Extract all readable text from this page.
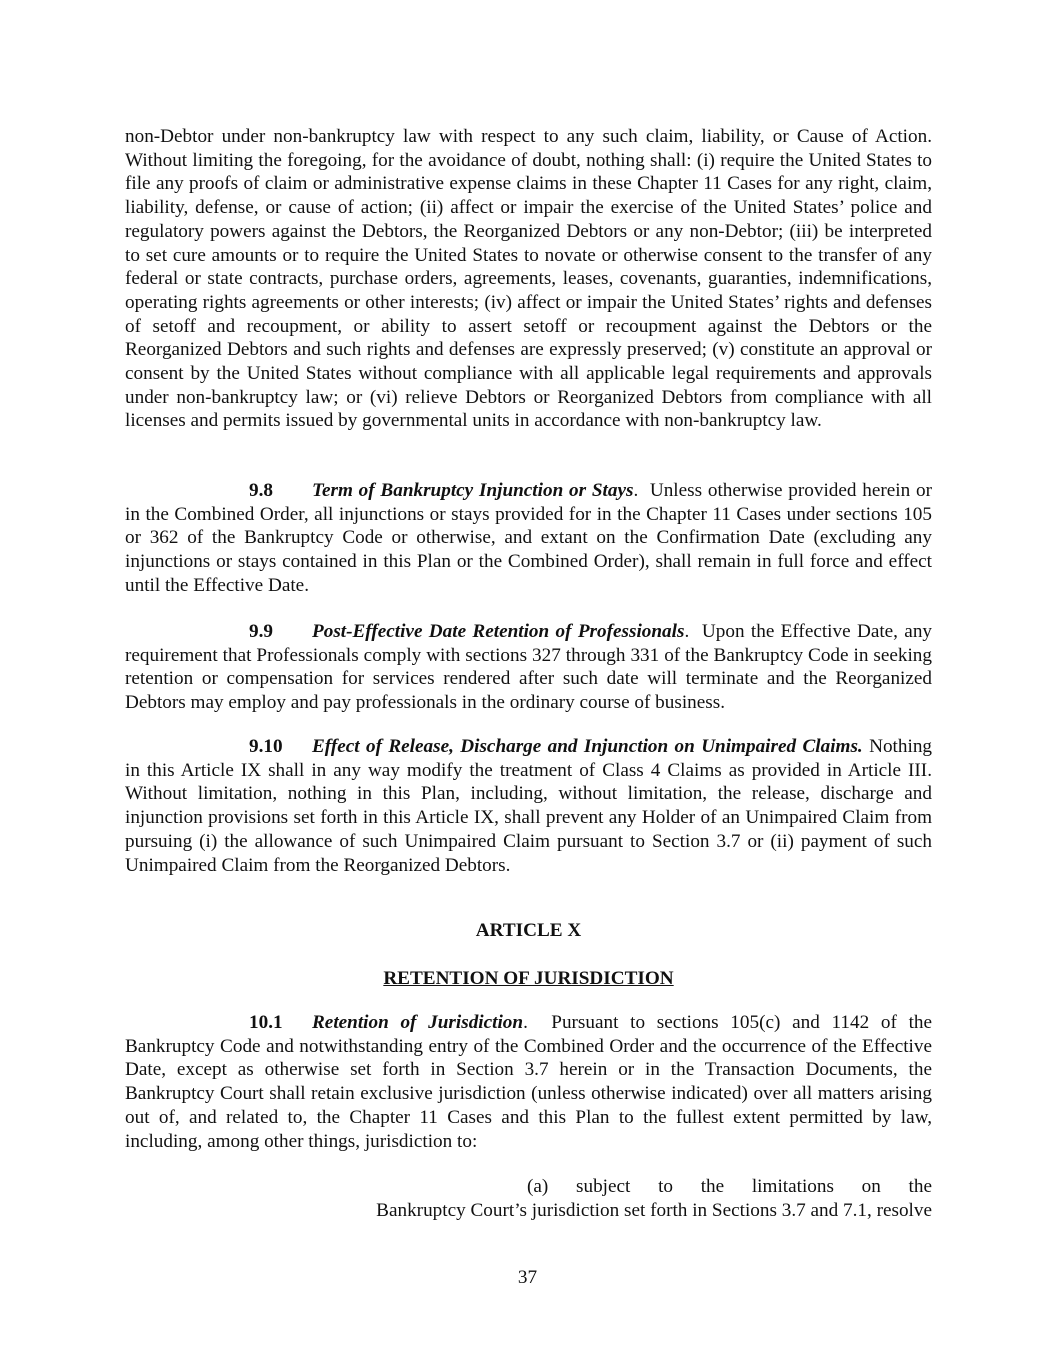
non-Debtor under non-bankruptcy law with respect to any such claim, liability, or Cause of Action. Without limiting the foregoing, for the avoidance of doubt, nothing shall: (i) require the United States to file any proofs of claim or administrative expense claims in these Chapter 11 Cases for any right, claim, liability, defense, or cause of action; (ii) affect or impair the exercise of the United States’ police and regulatory powers against the Debtors, the Reorganized Debtors or any non-Debtor; (iii) be interpreted to set cure amounts or to require the United States to novate or otherwise consent to the transfer of any federal or state contracts, purchase orders, agreements, leases, covenants, guaranties, indemnifications, operating rights agreements or other interests; (iv) affect or impair the United States’ rights and defenses of setoff and recoupment, or ability to assert setoff or recoupment against the Debtors or the Reorganized Debtors and such rights and defenses are expressly preserved; (v) constitute an approval or consent by the United States without compliance with all applicable legal requirements and approvals under non-bankruptcy law; or (vi) relieve Debtors or Reorganized Debtors from compliance with all licenses and permits issued by governmental units in accordance with non-bankruptcy law.

9.8 Term of Bankruptcy Injunction or Stays. Unless otherwise provided herein or in the Combined Order, all injunctions or stays provided for in the Chapter 11 Cases under sections 105 or 362 of the Bankruptcy Code or otherwise, and extant on the Confirmation Date (excluding any injunctions or stays contained in this Plan or the Combined Order), shall remain in full force and effect until the Effective Date.

9.9 Post-Effective Date Retention of Professionals. Upon the Effective Date, any requirement that Professionals comply with sections 327 through 331 of the Bankruptcy Code in seeking retention or compensation for services rendered after such date will terminate and the Reorganized Debtors may employ and pay professionals in the ordinary course of business.

9.10 Effect of Release, Discharge and Injunction on Unimpaired Claims. Nothing in this Article IX shall in any way modify the treatment of Class 4 Claims as provided in Article III. Without limitation, nothing in this Plan, including, without limitation, the release, discharge and injunction provisions set forth in this Article IX, shall prevent any Holder of an Unimpaired Claim from pursuing (i) the allowance of such Unimpaired Claim pursuant to Section 3.7 or (ii) payment of such Unimpaired Claim from the Reorganized Debtors.

ARTICLE X

RETENTION OF JURISDICTION

10.1 Retention of Jurisdiction. Pursuant to sections 105(c) and 1142 of the Bankruptcy Code and notwithstanding entry of the Combined Order and the occurrence of the Effective Date, except as otherwise set forth in Section 3.7 herein or in the Transaction Documents, the Bankruptcy Court shall retain exclusive jurisdiction (unless otherwise indicated) over all matters arising out of, and related to, the Chapter 11 Cases and this Plan to the fullest extent permitted by law, including, among other things, jurisdiction to:

(a) subject to the limitations on the
Bankruptcy Court’s jurisdiction set forth in Sections 3.7 and 7.1, resolve

37
